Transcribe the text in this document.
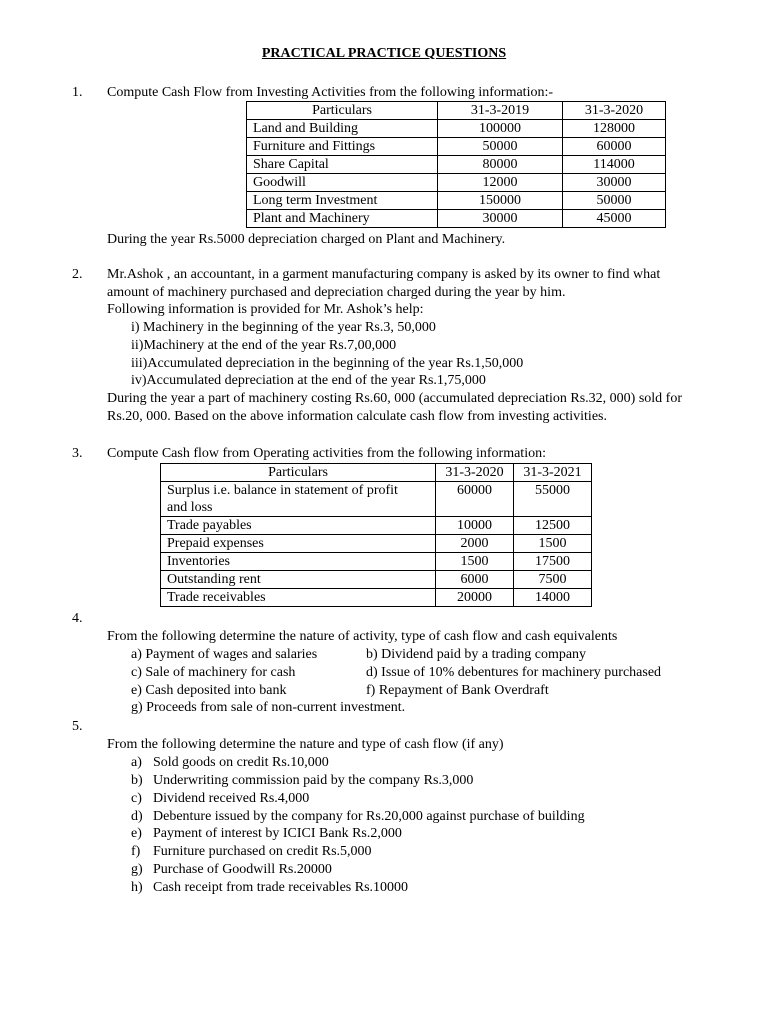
PRACTICAL PRACTICE QUESTIONS
1. Compute Cash Flow from Investing Activities from the following information:-
Particulars	31-3-2019	31-3-2020
Land and Building	100000	128000
Furniture and Fittings	50000	60000
Share Capital	80000	114000
Goodwill	12000	30000
Long term Investment	150000	50000
Plant and Machinery	30000	45000
During the year Rs.5000 depreciation charged on Plant and Machinery.
2. Mr.Ashok , an accountant, in a garment manufacturing company is asked by its owner to find what
amount of machinery purchased and depreciation charged during the year by him.
Following information is provided for Mr. Ashok’s help:
i) Machinery in the beginning of the year Rs.3, 50,000
ii)Machinery at the end of the year Rs.7,00,000
iii)Accumulated depreciation in the beginning of the year Rs.1,50,000
iv)Accumulated depreciation at the end of the year Rs.1,75,000
During the year a part of machinery costing Rs.60, 000 (accumulated depreciation Rs.32, 000) sold for
Rs.20, 000. Based on the above information calculate cash flow from investing activities.
3. Compute Cash flow from Operating activities from the following information:
Particulars	31-3-2020	31-3-2021
Surplus i.e. balance in statement of profit	60000	55000
and loss		
Trade payables	10000	12500
Prepaid expenses	2000	1500
Inventories	1500	17500
Outstanding rent	6000	7500
Trade receivables	20000	14000
4.
From the following determine the nature of activity, type of cash flow and cash equivalents
a) Payment of wages and salaries	b) Dividend paid by a trading company
c) Sale of machinery for cash	d) Issue of 10% debentures for machinery purchased
e) Cash deposited into bank	f) Repayment of Bank Overdraft
g) Proceeds from sale of non-current investment.
5.
From the following determine the nature and type of cash flow (if any)
a) Sold goods on credit Rs.10,000
b) Underwriting commission paid by the company Rs.3,000
c) Dividend received Rs.4,000
d) Debenture issued by the company for Rs.20,000 against purchase of building
e) Payment of interest by ICICI Bank Rs.2,000
f) Furniture purchased on credit Rs.5,000
g) Purchase of Goodwill Rs.20000
h) Cash receipt from trade receivables Rs.10000
